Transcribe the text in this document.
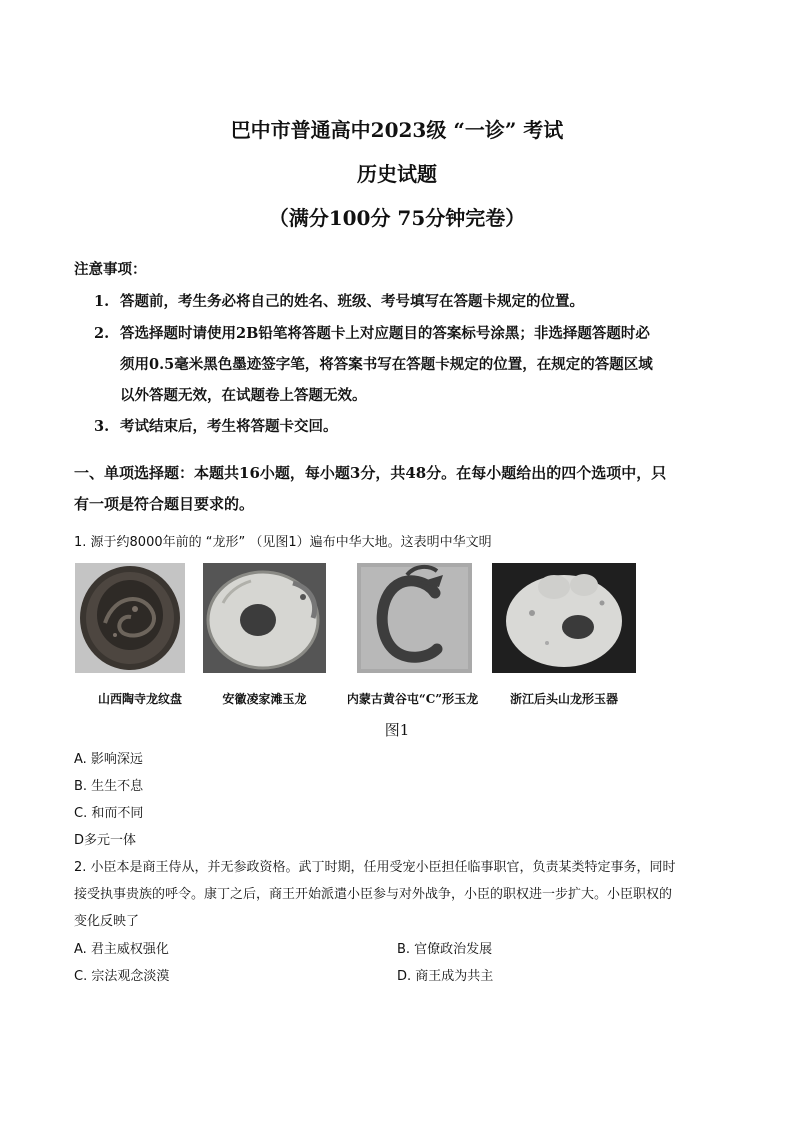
巴中市普通高中2023级 “一诊” 考试
历史试题
（满分100分 75分钟完卷）
注意事项：
1. 答题前，考生务必将自己的姓名、班级、考号填写在答题卡规定的位置。
2. 答选择题时请使用2B铅笔将答题卡上对应题目的答案标号涂黑；非选择题答题时必
须用0.5毫米黑色墨迹签字笔，将答案书写在答题卡规定的位置，在规定的答题区域
以外答题无效，在试题卷上答题无效。
3. 考试结束后，考生将答题卡交回。
一、单项选择题：本题共16小题，每小题3分，共48分。在每小题给出的四个选项中，只
有一项是符合题目要求的。
1. 源于约8000年前的 “龙形” （见图1）遍布中华大地。这表明中华文明
山西陶寺龙纹盘	安徽凌家滩玉龙	内蒙古黄谷屯“C”形玉龙	浙江后头山龙形玉器
图1
A. 影响深远
B. 生生不息
C. 和而不同
D多元一体
2. 小臣本是商王侍从，并无参政资格。武丁时期，任用受宠小臣担任临事职官，负责某类特定事务，同时
接受执事贵族的呼令。康丁之后，商王开始派遣小臣参与对外战争，小臣的职权进一步扩大。小臣职权的
变化反映了
A. 君主威权强化	B. 官僚政治发展
C. 宗法观念淡漠	D. 商王成为共主
